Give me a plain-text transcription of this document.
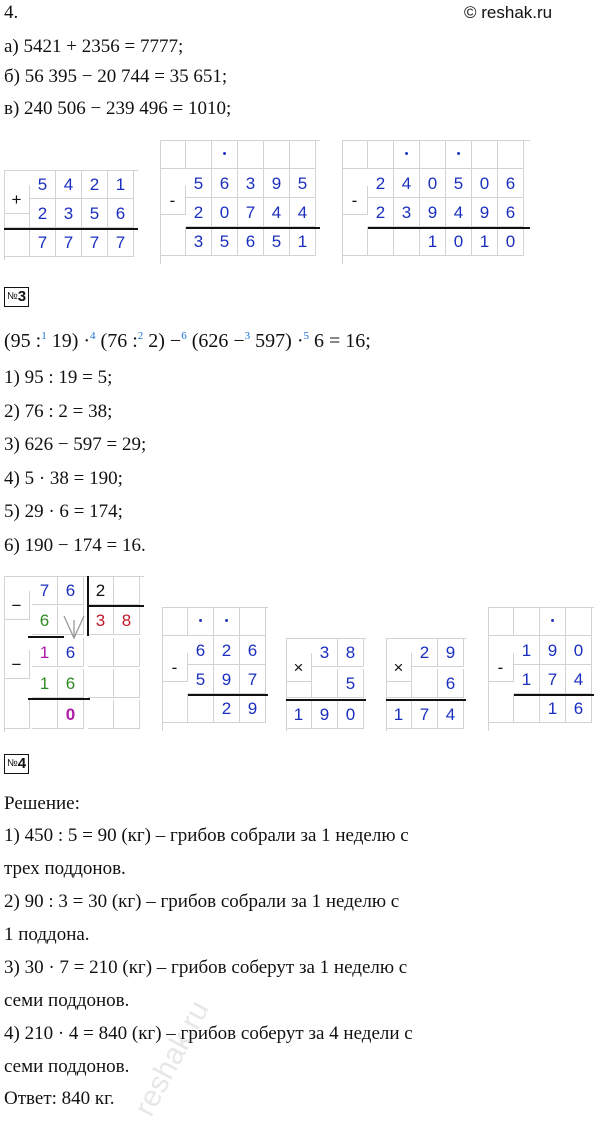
4.	© reshak.ru
а) 5421 + 2356 = 7777;
б) 56 395 − 20 744 = 35 651;
в) 240 506 − 239 496 = 1010;
+
5 4 2 1
2 3 5 6
7 7 7 7
•
-
5 6 3 9 5
2 0 7 4 4
3 5 6 5 1
•	•
-
2 4 0 5 0 6
2 3 9 4 9 6
1 0 1 0
№3
(95 :$^1$ 19) ·$^4$ (76 :$^2$ 2) −$^6$ (626 −$^3$ 597) ·$^5$ 6 = 16;
1) 95 : 19 = 5;
2) 76 : 2 = 38;
3) 626 − 597 = 29;
4) 5 · 38 = 190;
5) 29 · 6 = 174;
6) 190 − 174 = 16.
−
7 6	2
6	3 8
−
1 6
1 6
0
•	•
-
6 2 6
5 9 7
2 9
×
3 8
5
1 9 0
×
2 9
6
1 7 4
•
-
1 9 0
1 7 4
1 6
№4
Решение:
1) 450 : 5 = 90 (кг) – грибов собрали за 1 неделю с
трех поддонов.
2) 90 : 3 = 30 (кг) – грибов собрали за 1 неделю с
1 поддона.
3) 30 · 7 = 210 (кг) – грибов соберут за 1 неделю с
семи поддонов.
4) 210 · 4 = 840 (кг) – грибов соберут за 4 недели с
семи поддонов.
Ответ: 840 кг. reshak.ru
